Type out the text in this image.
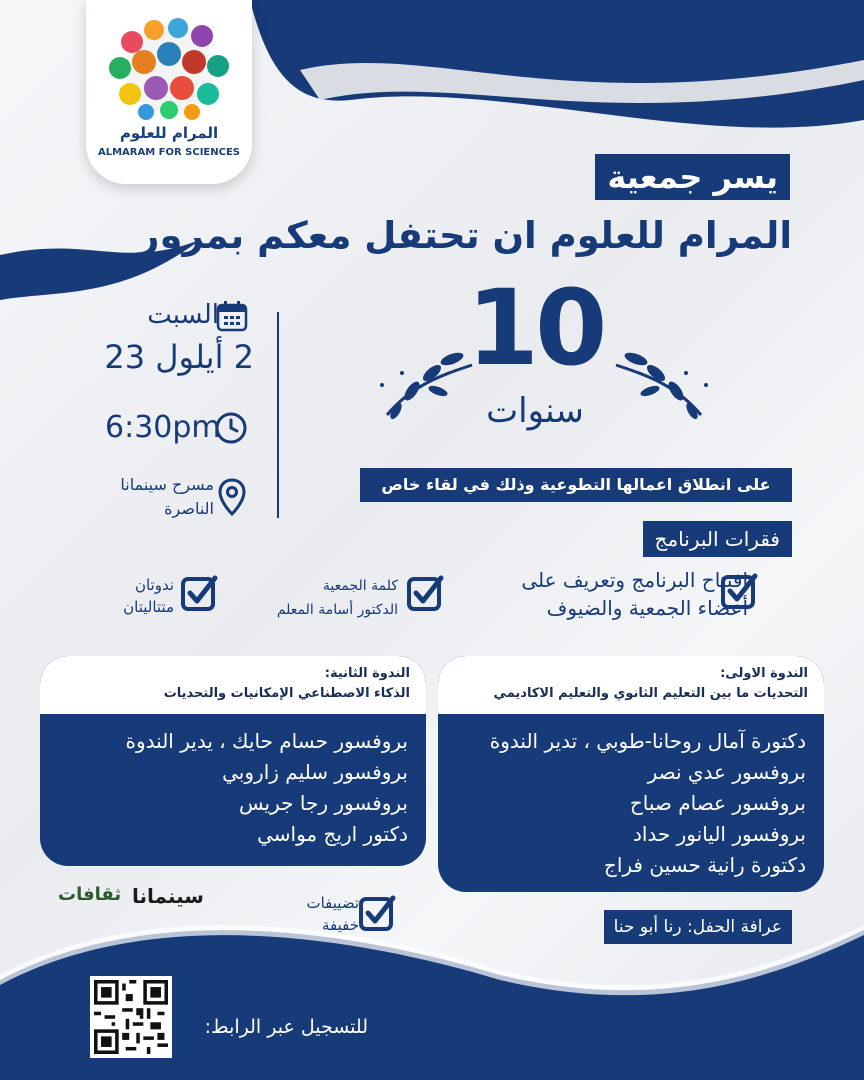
المرام للعلوم
ALMARAM FOR SCIENCES
يسر جمعية
المرام للعلوم ان تحتفل معكم بمرور
10
سنوات
السبت
2 أيلول 23
6:30pm
مسرح سينمانا
الناصرة
على انطلاق اعمالها التطوعية وذلك في لقاء خاص
فقرات البرنامج
افتتاح البرنامج وتعريف على
أعضاء الجمعية والضيوف
كلمة الجمعية
الدكتور أسامة المعلم
ندوتان
متتاليتان
الندوة الاولى:
التحديات ما بين التعليم الثانوي والتعليم الاكاديمي
دكتورة آمال روحانا-طوبي ، تدير الندوة
بروفسور عدي نصر
بروفسور عصام صباح
بروفسور اليانور حداد
دكتورة رانية حسين فراج
الندوة الثانية:
الذكاء الاصطناعي الإمكانيات والتحديات
بروفسور حسام حايك ، يدير الندوة
بروفسور سليم زاروبي
بروفسور رجا جريس
دكتور اريج مواسي
سينمانا
ثقافات	تضييفات
خفيفة	عرافة الحفل: رنا أبو حنا
للتسجيل عبر الرابط:
